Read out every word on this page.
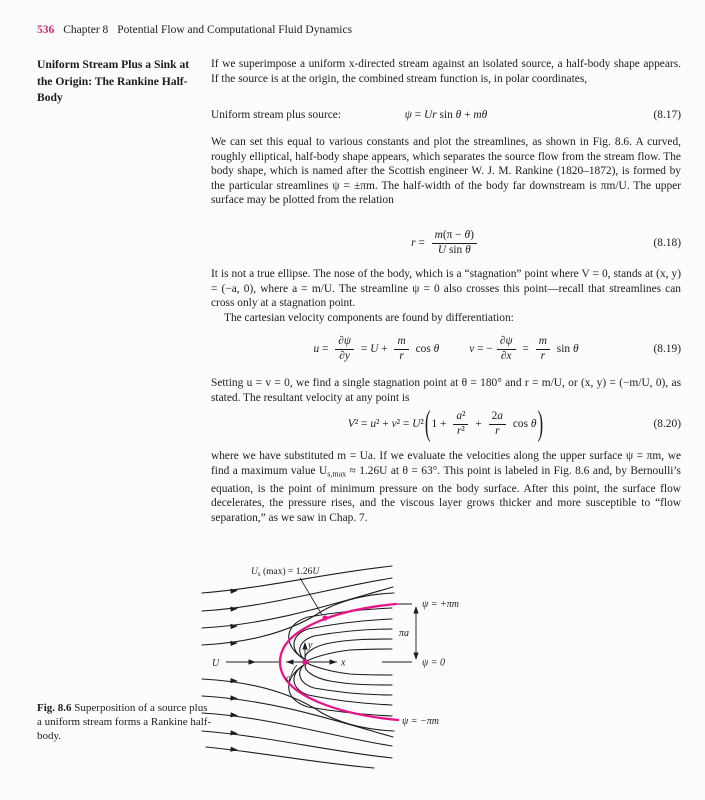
536 Chapter 8 Potential Flow and Computational Fluid Dynamics
Uniform Stream Plus a Sink at the Origin: The Rankine Half-Body
If we superimpose a uniform x-directed stream against an isolated source, a half-body shape appears. If the source is at the origin, the combined stream function is, in polar coordinates,
Uniform stream plus source:	ψ = Ur sin θ + mθ	(8.17)
We can set this equal to various constants and plot the streamlines, as shown in Fig. 8.6. A curved, roughly elliptical, half-body shape appears, which separates the source flow from the stream flow. The body shape, which is named after the Scottish engineer W. J. M. Rankine (1820–1872), is formed by the particular streamlines ψ = ±πm. The half-width of the body far downstream is πm/U. The upper surface may be plotted from the relation
$r = \frac{m(\pi - \theta)}{\text{U sin θ}}$	(8.18)
It is not a true ellipse. The nose of the body, which is a “stagnation” point where V = 0, stands at (x, y) = (−a, 0), where a = m/U. The streamline ψ = 0 also crosses this point—recall that streamlines can cross only at a stagnation point.
The cartesian velocity components are found by differentiation:
$u = \frac{\partial\psi}{\partial y} = U + \frac{m}{r}$ cos θ	v = − $\frac{\partial\psi}{\partial x} = \frac{m}{r}$ sin θ	(8.19)
Setting u = v = 0, we find a single stagnation point at θ = 180° and r = m/U, or (x, y) = (−m/U, 0), as stated. The resultant velocity at any point is
V² = u² + v² = U² ( $1 + \frac{\text{a²}}{\text{r²}} + \frac{2a}{r}$ cos θ )	(8.20)
where we have substituted m = Ua. If we evaluate the velocities along the upper surface ψ = πm, we find a maximum value $U_{s,max} \approx 1.26U$ at θ = 63°. This point is labeled in Fig. 8.6 and, by Bernoulli’s equation, is the point of minimum pressure on the body surface. After this point, the surface flow decelerates, the pressure rises, and the viscous layer grows thicker and more susceptible to “flow separation,” as we saw in Chap. 7.
$U_s$ (max) = 1.26U
ψ = +πm
πa
ψ = 0
ψ = −πm
U	x
y
a
Fig. 8.6 Superposition of a source plus a uniform stream forms a Rankine half-body.
